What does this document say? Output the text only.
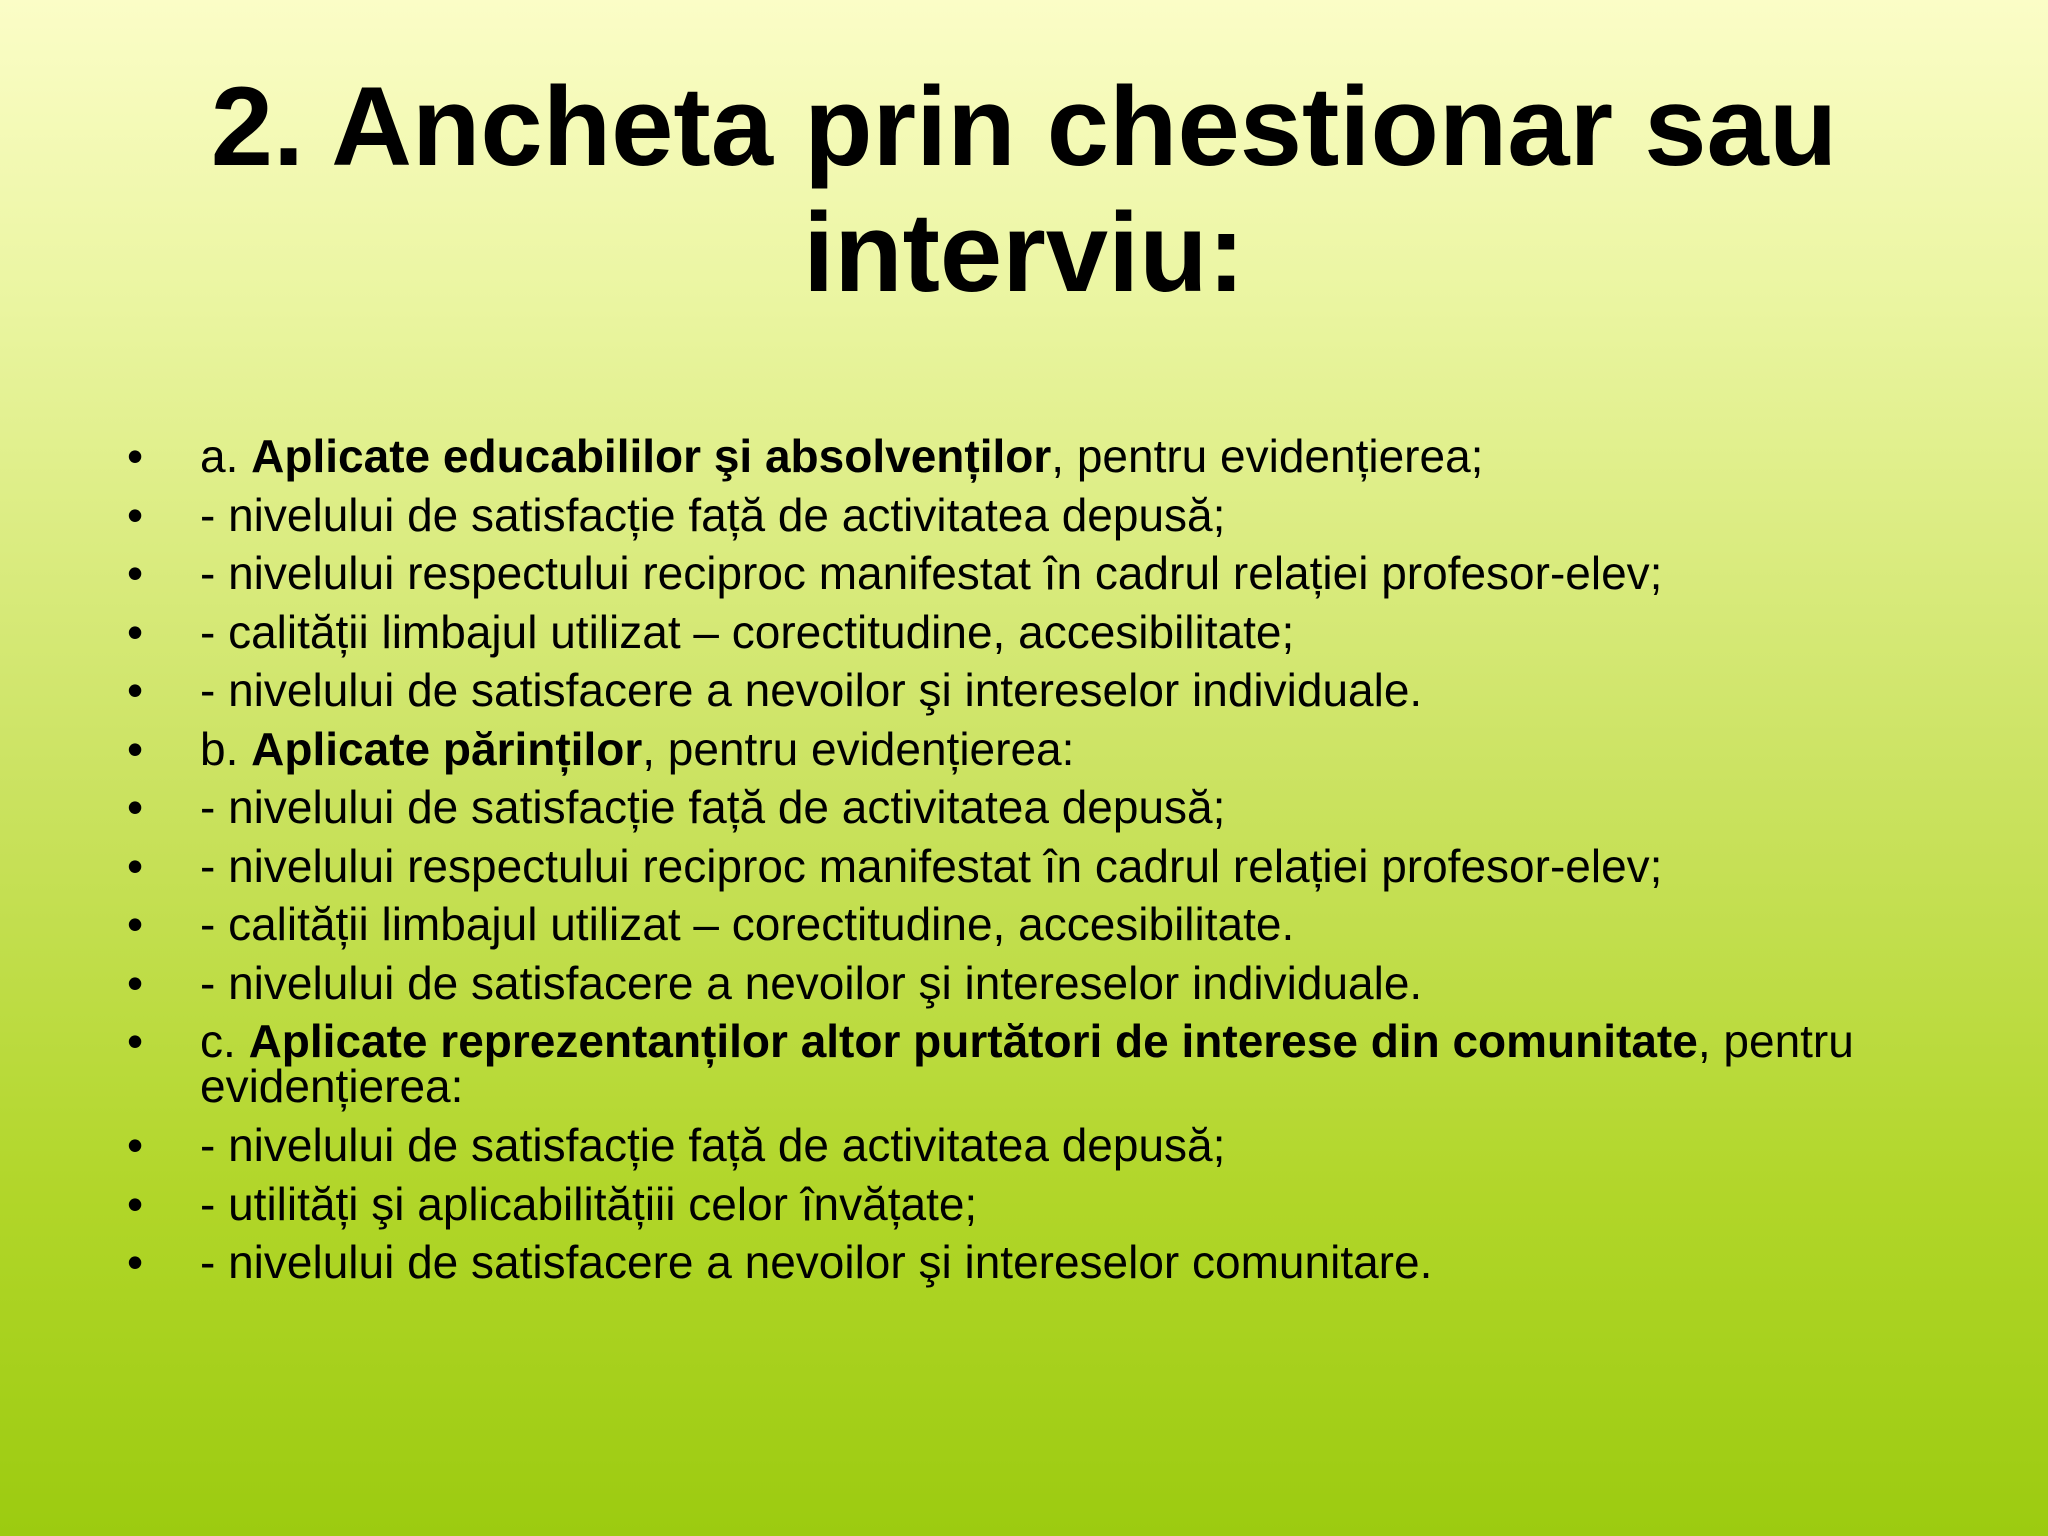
2. Ancheta prin chestionar sau
interviu:
• a. Aplicate educabililor şi absolvenților, pentru evidențierea;
• - nivelului de satisfacție față de activitatea depusă;
• - nivelului respectului reciproc manifestat în cadrul relației profesor-elev;
• - calității limbajul utilizat – corectitudine, accesibilitate;
• - nivelului de satisfacere a nevoilor şi intereselor individuale.
• b. Aplicate părinților, pentru evidențierea:
• - nivelului de satisfacție față de activitatea depusă;
• - nivelului respectului reciproc manifestat în cadrul relației profesor-elev;
• - calității limbajul utilizat – corectitudine, accesibilitate.
• - nivelului de satisfacere a nevoilor şi intereselor individuale.
• c. Aplicate reprezentanților altor purtători de interese din comunitate, pentru evidențierea:
• - nivelului de satisfacție față de activitatea depusă;
• - utilități şi aplicabilitățiii celor învățate;
• - nivelului de satisfacere a nevoilor şi intereselor comunitare.
